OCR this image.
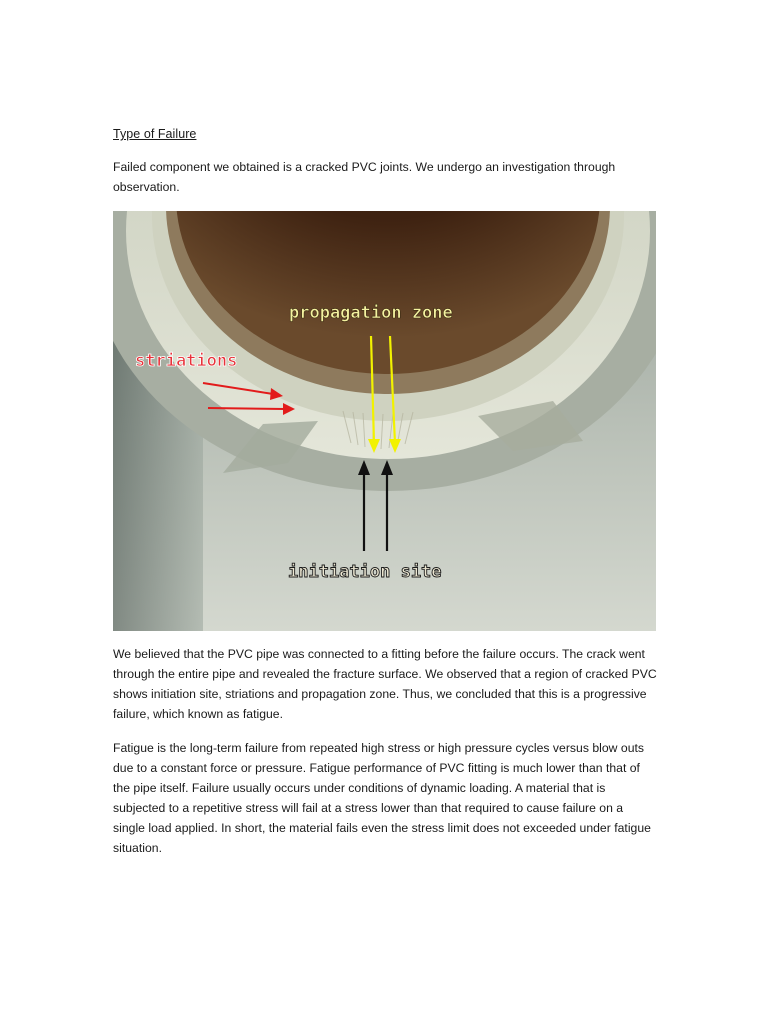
Type of Failure
Failed component we obtained is a cracked PVC joints. We undergo an investigation through observation.
propagation zone
striations
initiation site
We believed that the PVC pipe was connected to a fitting before the failure occurs. The crack went through the entire pipe and revealed the fracture surface. We observed that a region of cracked PVC shows initiation site, striations and propagation zone. Thus, we concluded that this is a progressive failure, which known as fatigue.
Fatigue is the long-term failure from repeated high stress or high pressure cycles versus blow outs due to a constant force or pressure. Fatigue performance of PVC fitting is much lower than that of the pipe itself. Failure usually occurs under conditions of dynamic loading. A material that is subjected to a repetitive stress will fail at a stress lower than that required to cause failure on a single load applied. In short, the material fails even the stress limit does not exceeded under fatigue situation.
